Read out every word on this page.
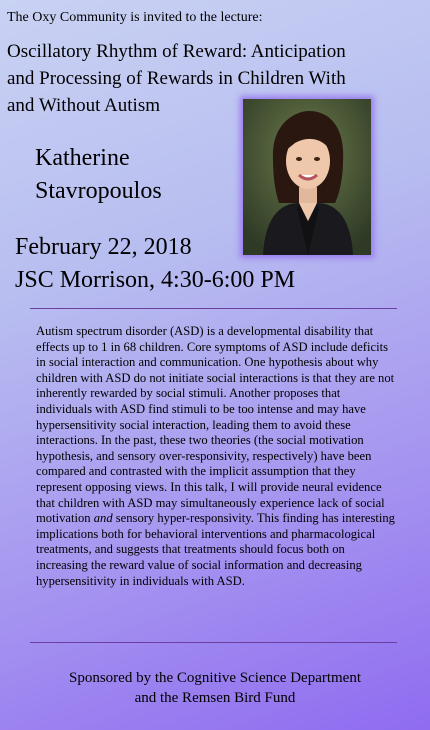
The Oxy Community is invited to the lecture:
Oscillatory Rhythm of Reward: Anticipation
and Processing of Rewards in Children With
and Without Autism
Katherine
Stavropoulos
February 22, 2018
JSC Morrison, 4:30-6:00 PM
Autism spectrum disorder (ASD) is a developmental disability that effects up to 1 in 68 children. Core symptoms of ASD include deficits in social interaction and communication. One hypothesis about why children with ASD do not initiate social interactions is that they are not inherently rewarded by social stimuli. Another proposes that individuals with ASD find stimuli to be too intense and may have hypersensitivity social interaction, leading them to avoid these interactions. In the past, these two theories (the social motivation hypothesis, and sensory over-responsivity, respectively) have been compared and contrasted with the implicit assumption that they represent opposing views. In this talk, I will provide neural evidence that children with ASD may simultaneously experience lack of social motivation and sensory hyper-responsivity. This finding has interesting implications both for behavioral interventions and pharmacological treatments, and suggests that treatments should focus both on increasing the reward value of social information and decreasing hypersensitivity in individuals with ASD.
Sponsored by the Cognitive Science Department
and the Remsen Bird Fund
